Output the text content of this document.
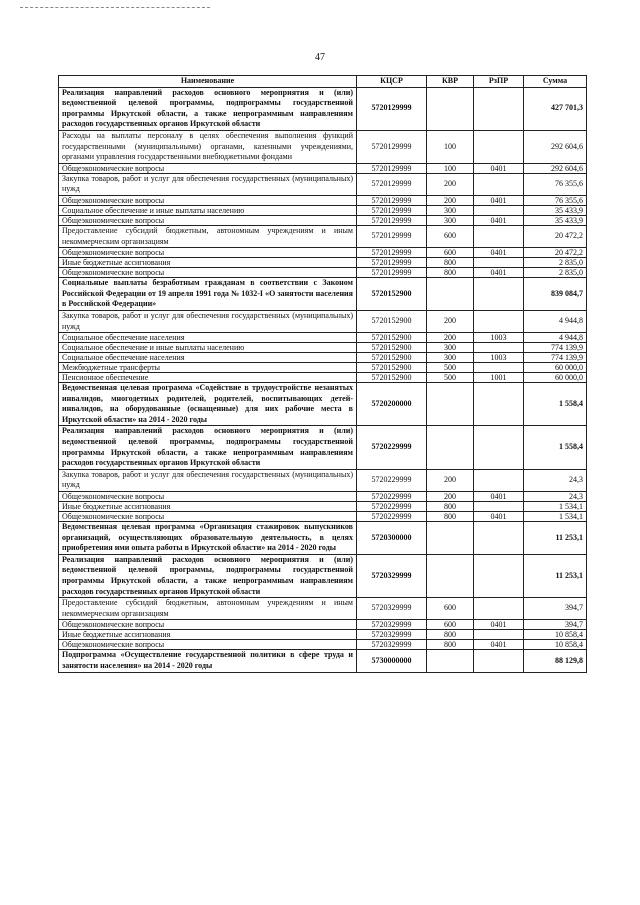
47
Наименование	КЦСР	КВР	РзПР	Сумма
Реализация направлений расходов основного мероприятия и (или) ведомственной целевой программы, подпрограммы государственной программы Иркутской области, а также непрограммным направлениям расходов государственных органов Иркутской области	5720129999			427 701,3
Расходы на выплаты персоналу в целях обеспечения выполнения функций государственными (муниципальными) органами, казенными учреждениями, органами управления государственными внебюджетными фондами	5720129999	100		292 604,6
Общеэкономические вопросы	5720129999	100	0401	292 604,6
Закупка товаров, работ и услуг для обеспечения государственных (муниципальных) нужд	5720129999	200		76 355,6
Общеэкономические вопросы	5720129999	200	0401	76 355,6
Социальное обеспечение и иные выплаты населению	5720129999	300		35 433,9
Общеэкономические вопросы	5720129999	300	0401	35 433,9
Предоставление субсидий бюджетным, автономным учреждениям и иным некоммерческим организациям	5720129999	600		20 472,2
Общеэкономические вопросы	5720129999	600	0401	20 472,2
Иные бюджетные ассигнования	5720129999	800		2 835,0
Общеэкономические вопросы	5720129999	800	0401	2 835,0
Социальные выплаты безработным гражданам в соответствии с Законом Российской Федерации от 19 апреля 1991 года № 1032-I «О занятости населения в Российской Федерации»	5720152900			839 084,7
Закупка товаров, работ и услуг для обеспечения государственных (муниципальных) нужд	5720152900	200		4 944,8
Социальное обеспечение населения	5720152900	200	1003	4 944,8
Социальное обеспечение и иные выплаты населению	5720152900	300		774 139,9
Социальное обеспечение населения	5720152900	300	1003	774 139,9
Межбюджетные трансферты	5720152900	500		60 000,0
Пенсионное обеспечение	5720152900	500	1001	60 000,0
Ведомственная целевая программа «Содействие в трудоустройстве незанятых инвалидов, многодетных родителей, родителей, воспитывающих детей-инвалидов, на оборудованные (оснащенные) для них рабочие места в Иркутской области» на 2014 - 2020 годы	5720200000			1 558,4
Реализация направлений расходов основного мероприятия и (или) ведомственной целевой программы, подпрограммы государственной программы Иркутской области, а также непрограммным направлениям расходов государственных органов Иркутской области	5720229999			1 558,4
Закупка товаров, работ и услуг для обеспечения государственных (муниципальных) нужд	5720229999	200		24,3
Общеэкономические вопросы	5720229999	200	0401	24,3
Иные бюджетные ассигнования	5720229999	800		1 534,1
Общеэкономические вопросы	5720229999	800	0401	1 534,1
Ведомственная целевая программа «Организация стажировок выпускников организаций, осуществляющих образовательную деятельность, в целях приобретения ими опыта работы в Иркутской области» на 2014 - 2020 годы	5720300000			11 253,1
Реализация направлений расходов основного мероприятия и (или) ведомственной целевой программы, подпрограммы государственной программы Иркутской области, а также непрограммным направлениям расходов государственных органов Иркутской области	5720329999			11 253,1
Предоставление субсидий бюджетным, автономным учреждениям и иным некоммерческим организациям	5720329999	600		394,7
Общеэкономические вопросы	5720329999	600	0401	394,7
Иные бюджетные ассигнования	5720329999	800		10 858,4
Общеэкономические вопросы	5720329999	800	0401	10 858,4
Подпрограмма «Осуществление государственной политики в сфере труда и занятости населения» на 2014 - 2020 годы	5730000000			88 129,8
